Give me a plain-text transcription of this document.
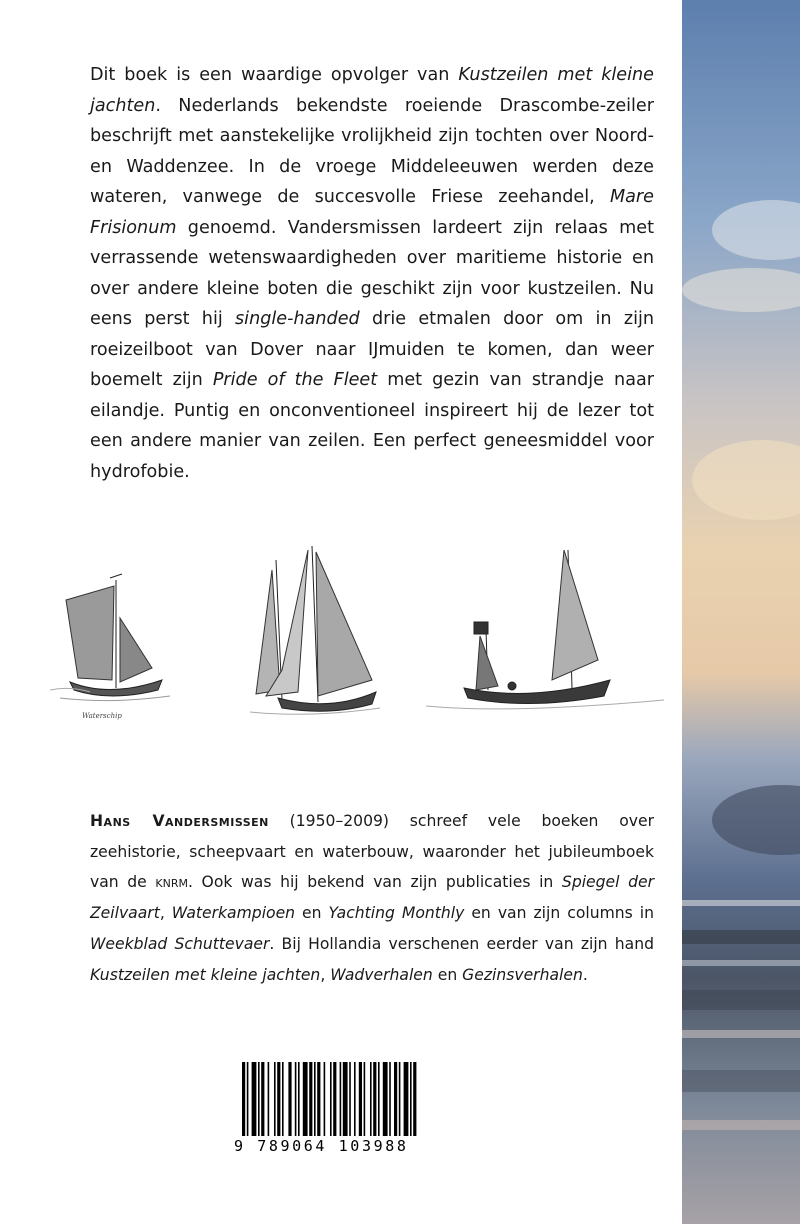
Dit boek is een waardige opvolger van Kustzeilen met kleine jachten. Nederlands bekendste roeiende Drascombe-zeiler beschrijft met aanstekelijke vrolijkheid zijn tochten over Noord- en Waddenzee. In de vroege Middeleeuwen werden deze wateren, vanwege de succesvolle Friese zeehandel, Mare Frisionum genoemd. Vandersmissen lardeert zijn relaas met verrassende wetenswaardigheden over maritieme historie en over andere kleine boten die geschikt zijn voor kustzeilen. Nu eens perst hij single-handed drie etmalen door om in zijn roeizeilboot van Dover naar IJmuiden te komen, dan weer boemelt zijn Pride of the Fleet met gezin van strandje naar eilandje. Puntig en onconventioneel inspireert hij de lezer tot een andere manier van zeilen. Een perfect geneesmiddel voor hydrofobie.

Waterschip

Hans Vandersmissen (1950–2009) schreef vele boeken over zeehistorie, scheepvaart en waterbouw, waaronder het jubileumboek van de knrm. Ook was hij bekend van zijn publicaties in Spiegel der Zeilvaart, Waterkampioen en Yachting Monthly en van zijn columns in Weekblad Schuttevaer. Bij Hollandia verschenen eerder van zijn hand Kustzeilen met kleine jachten, Wadverhalen en Gezinsverhalen.

9 789064 103988
